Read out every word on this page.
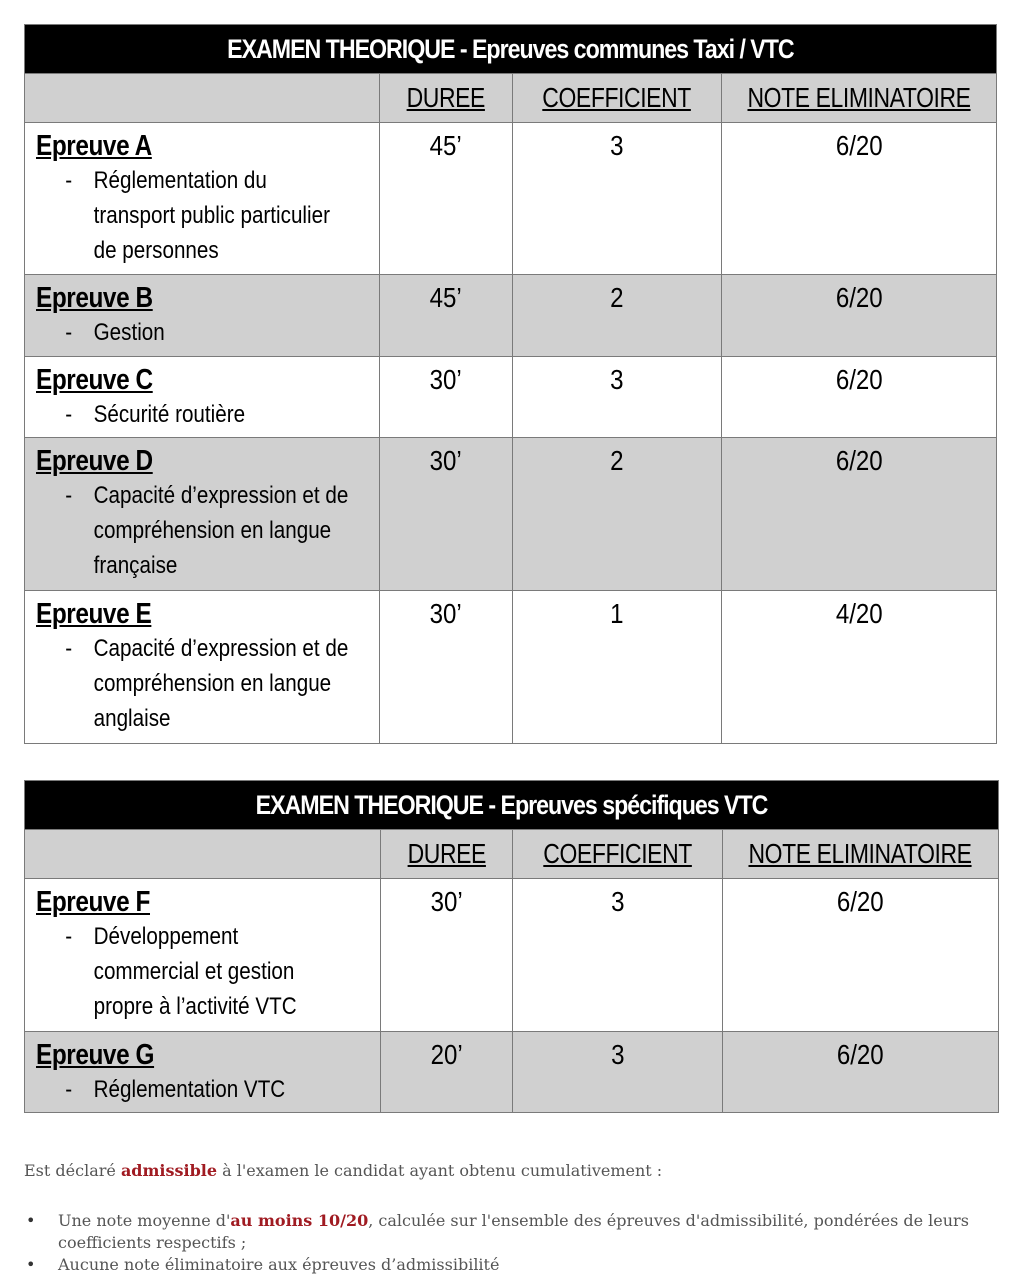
EXAMEN THEORIQUE - Epreuves communes Taxi / VTC			
	DUREE	COEFFICIENT	NOTE ELIMINATOIRE

Epreuve A
- Réglementation du
transport public particulier
de personnes	45’	3	6/20

Epreuve B
- Gestion	45’	2	6/20

Epreuve C
- Sécurité routière	30’	3	6/20

Epreuve D
- Capacité d’expression et de
compréhension en langue
française	30’	2	6/20

Epreuve E
- Capacité d’expression et de
compréhension en langue
anglaise	30’	1	4/20
EXAMEN THEORIQUE - Epreuves spécifiques VTC			
	DUREE	COEFFICIENT	NOTE ELIMINATOIRE

Epreuve F
- Développement
commercial et gestion
propre à l’activité VTC	30’	3	6/20

Epreuve G
- Réglementation VTC	20’	3	6/20
Est déclaré admissible à l'examen le candidat ayant obtenu cumulativement :
• Une note moyenne d'au moins 10/20, calculée sur l'ensemble des épreuves d'admissibilité, pondérées de leurs coefficients respectifs ;
• Aucune note éliminatoire aux épreuves d’admissibilité
